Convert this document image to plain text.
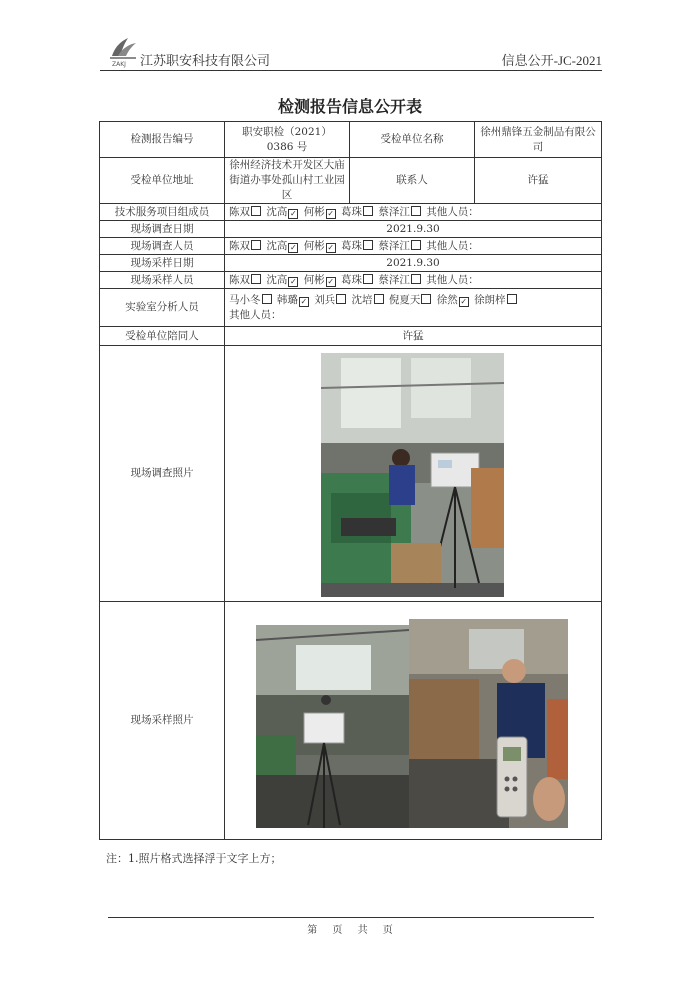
ZAKJ 江苏职安科技有限公司	信息公开-JC-2021
检测报告信息公开表
检测报告编号	职安职检（2021）0386 号	受检单位名称	徐州鼎锋五金制品有限公司
受检单位地址	徐州经济技术开发区大庙街道办事处孤山村工业园区	联系人	许猛
技术服务项目组成员	陈双 沈高 ✓ 何彬 ✓ 葛珠 蔡泽江 其他人员：
现场调查日期	2021.9.30		
现场调查人员	陈双 沈高 ✓ 何彬 ✓ 葛珠 蔡泽江 其他人员：
现场采样日期	2021.9.30		
现场采样人员	陈双 沈高 ✓ 何彬 ✓ 葛珠 蔡泽江 其他人员：
实验室分析人员	马小冬 韩璐 ✓ 刘兵 沈培 倪夏天 徐然 ✓ 徐朗梓
其他人员：

受检单位陪同人	许猛		
现场调查照片			
现场采样照片			
注：1.照片格式选择浮于文字上方；
第 页 共 页
